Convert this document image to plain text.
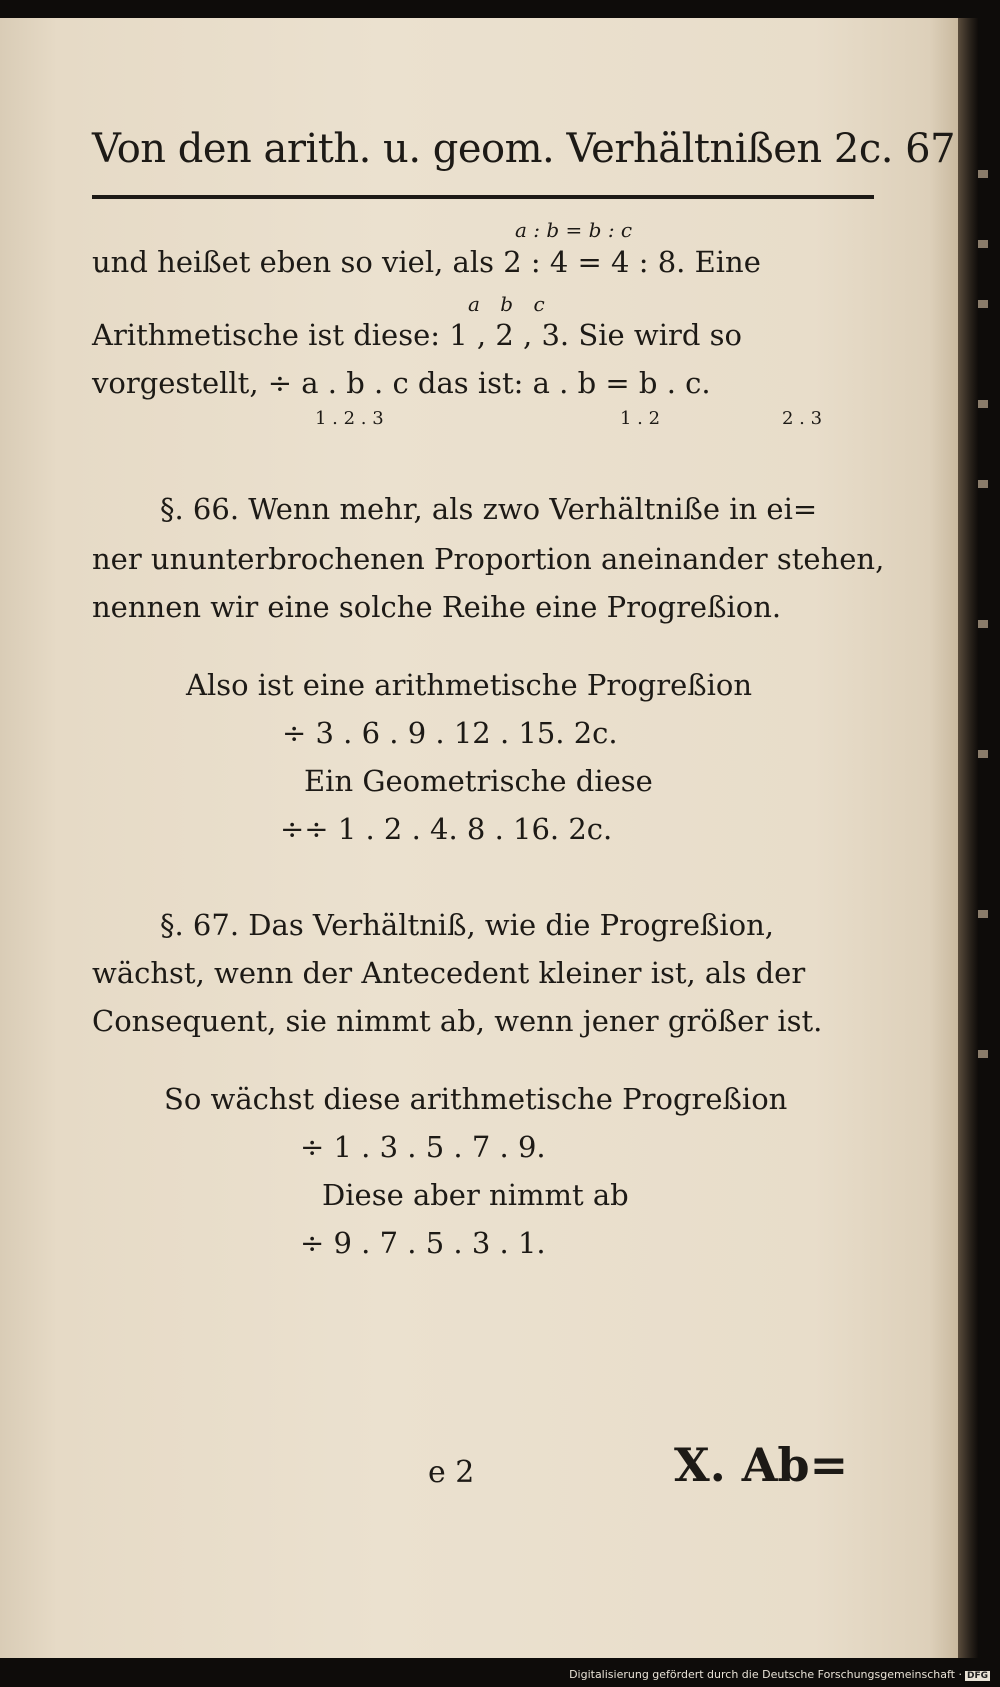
Von den arith. u. geom. Verhältnißen 2c. 67
a : b = b : c
und heißet eben so viel, als 2 : 4 = 4 : 8. Eine
a b c
Arithmetische ist diese: 1 , 2 , 3. Sie wird so
vorgestellt, ÷ a . b . c das ist: a . b = b . c.
1 . 2 . 3	1 . 2	2 . 3
§. 66. Wenn mehr, als zwo Verhältniße in ei=
ner ununterbrochenen Proportion aneinander stehen,
nennen wir eine solche Reihe eine Progreßion.
Also ist eine arithmetische Progreßion
÷ 3 . 6 . 9 . 12 . 15. 2c.
Ein Geometrische diese
÷÷ 1 . 2 . 4. 8 . 16. 2c.
§. 67. Das Verhältniß, wie die Progreßion,
wächst, wenn der Antecedent kleiner ist, als der
Consequent, sie nimmt ab, wenn jener größer ist.
So wächst diese arithmetische Progreßion
÷ 1 . 3 . 5 . 7 . 9.
Diese aber nimmt ab
÷ 9 . 7 . 5 . 3 . 1.
e 2	X. Ab=
Digitalisierung gefördert durch die Deutsche Forschungsgemeinschaft · DFG
